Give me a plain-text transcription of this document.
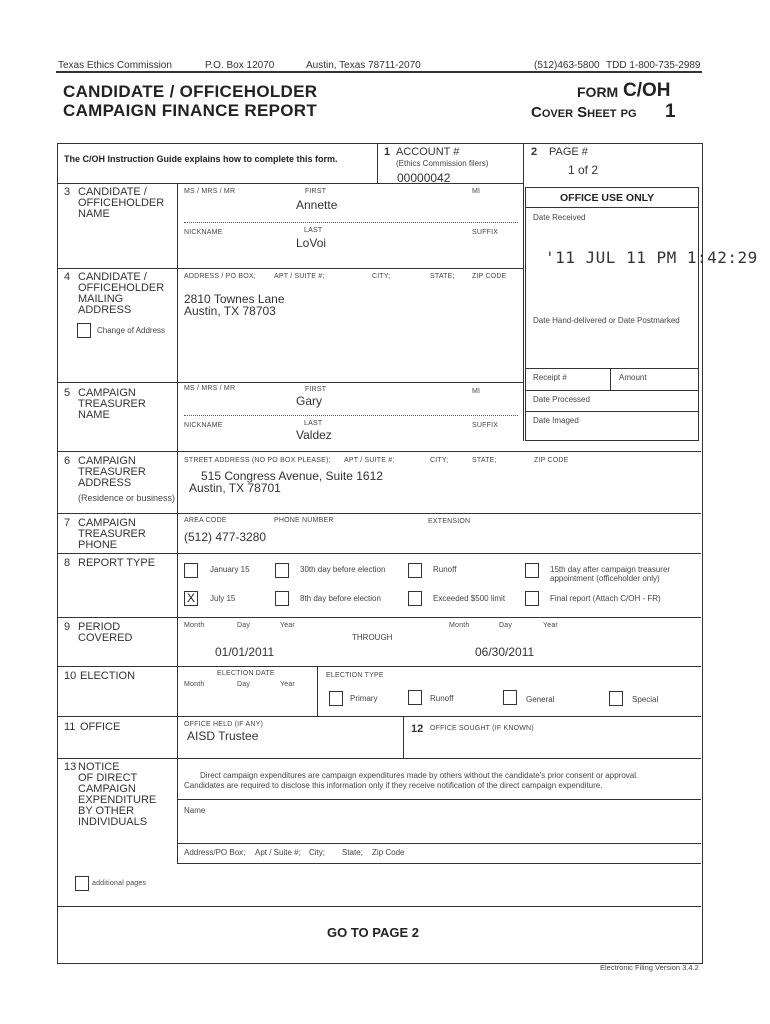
Texas Ethics Commission	P.O. Box 12070	Austin, Texas 78711-2070	(512)463-5800 TDD 1-800-735-2989
CANDIDATE / OFFICEHOLDER
CAMPAIGN FINANCE REPORT
FORM C/OH
Cover Sheet pg 1
The C/OH Instruction Guide explains how to complete this form.
1 ACCOUNT #
(Ethics Commission filers)
00000042
2 PAGE #
1 of 2
OFFICE USE ONLY
Date Received
'11 JUL 11 PM 1:42:29
Date Hand-delivered or Date Postmarked
Receipt #	Amount
Date Processed
Date Imaged
3 CANDIDATE /
OFFICEHOLDER
NAME
MS / MRS / MR	FIRST	MI
Annette
NICKNAME	LAST	SUFFIX
LoVoi
4 CANDIDATE /
OFFICEHOLDER
MAILING
ADDRESS
Change of Address
ADDRESS / PO BOX;	APT / SUITE #;	CITY;	STATE; ZIP CODE
2810 Townes Lane
Austin, TX 78703
5 CAMPAIGN
TREASURER
NAME
MS / MRS / MR	FIRST	MI
Gary
NICKNAME	LAST	SUFFIX
Valdez
6 CAMPAIGN
TREASURER
ADDRESS
(Residence or business)
STREET ADDRESS (NO PO BOX PLEASE); APT / SUITE #;	CITY;	STATE;	ZIP CODE
515 Congress Avenue, Suite 1612
Austin, TX 78701
7 CAMPAIGN
TREASURER
PHONE
AREA CODE	PHONE NUMBER	EXTENSION
(512) 477-3280
8 REPORT TYPE
January 15	30th day before election	Runoff	15th day after campaign treasurer
appointment (officeholder only)
X	July 15	8th day before election	Exceeded $500 limit	Final report (Attach C/OH - FR)
9 PERIOD
COVERED
Month	Day	Year
THROUGH
Month	Day	Year
01/01/2011	06/30/2011
10 ELECTION	ELECTION DATE
Month	Day	Year
ELECTION TYPE
Primary	Runoff	General	Special
11 OFFICE	OFFICE HELD (IF ANY)
AISD Trustee	12 OFFICE SOUGHT (IF KNOWN)
13 NOTICE
OF DIRECT
CAMPAIGN
EXPENDITURE
BY OTHER
INDIVIDUALS
additional pages
Direct campaign expenditures are campaign expenditures made by others without the candidate's prior consent or approval.
Candidates are required to disclose this information only if they receive notification of the direct campaign expenditure.
Name
Address/PO Box; Apt / Suite #; City; State; Zip Code
GO TO PAGE 2
Electronic Filing Version 3.4.2
